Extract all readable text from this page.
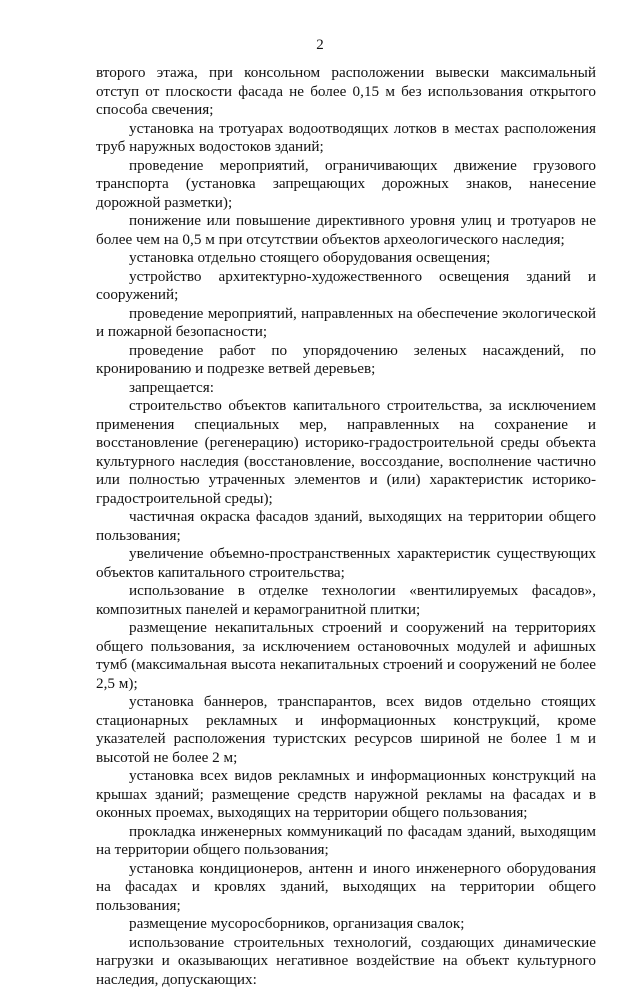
2

второго этажа, при консольном расположении вывески максимальный отступ от плоскости фасада не более 0,15 м без использования открытого способа свечения;

установка на тротуарах водоотводящих лотков в местах расположения труб наружных водостоков зданий;

проведение мероприятий, ограничивающих движение грузового транспорта (установка запрещающих дорожных знаков, нанесение дорожной разметки);

понижение или повышение директивного уровня улиц и тротуаров не более чем на 0,5 м при отсутствии объектов археологического наследия;

установка отдельно стоящего оборудования освещения;

устройство архитектурно-художественного освещения зданий и сооружений;

проведение мероприятий, направленных на обеспечение экологической и пожарной безопасности;

проведение работ по упорядочению зеленых насаждений, по кронированию и подрезке ветвей деревьев;

запрещается:

строительство объектов капитального строительства, за исключением применения специальных мер, направленных на сохранение и восстановление (регенерацию) историко-градостроительной среды объекта культурного наследия (восстановление, воссоздание, восполнение частично или полностью утраченных элементов и (или) характеристик историко-градостроительной среды);

частичная окраска фасадов зданий, выходящих на территории общего пользования;

увеличение объемно-пространственных характеристик существующих объектов капитального строительства;

использование в отделке технологии «вентилируемых фасадов», композитных панелей и керамогранитной плитки;

размещение некапитальных строений и сооружений на территориях общего пользования, за исключением остановочных модулей и афишных тумб (максимальная высота некапитальных строений и сооружений не более 2,5 м);

установка баннеров, транспарантов, всех видов отдельно стоящих стационарных рекламных и информационных конструкций, кроме указателей расположения туристских ресурсов шириной не более 1 м и высотой не более 2 м;

установка всех видов рекламных и информационных конструкций на крышах зданий; размещение средств наружной рекламы на фасадах и в оконных проемах, выходящих на территории общего пользования;

прокладка инженерных коммуникаций по фасадам зданий, выходящим на территории общего пользования;

установка кондиционеров, антенн и иного инженерного оборудования на фасадах и кровлях зданий, выходящих на территории общего пользования;

размещение мусоросборников, организация свалок;

использование строительных технологий, создающих динамические нагрузки и оказывающих негативное воздействие на объект культурного наследия, допускающих:
